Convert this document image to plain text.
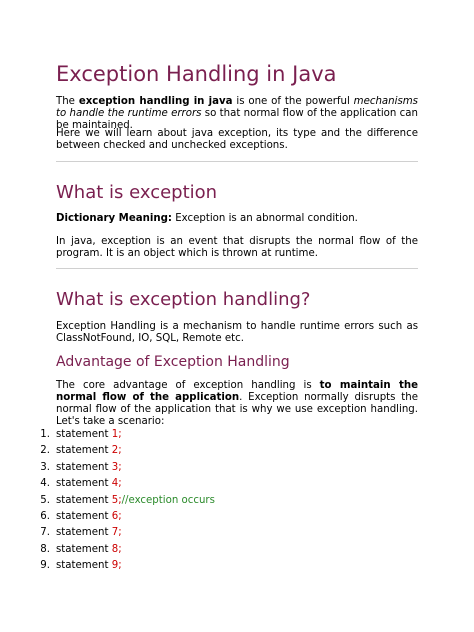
Exception Handling in Java
The exception handling in java is one of the powerful mechanisms to handle the runtime errors so that normal flow of the application can be maintained.
Here we will learn about java exception, its type and the difference between checked and unchecked exceptions.
What is exception
Dictionary Meaning: Exception is an abnormal condition.
In java, exception is an event that disrupts the normal flow of the program. It is an object which is thrown at runtime.
What is exception handling?
Exception Handling is a mechanism to handle runtime errors such as ClassNotFound, IO, SQL, Remote etc.
Advantage of Exception Handling
The core advantage of exception handling is to maintain the normal flow of the application. Exception normally disrupts the normal flow of the application that is why we use exception handling. Let's take a scenario:
1. statement 1;
2. statement 2;
3. statement 3;
4. statement 4;
5. statement 5;//exception occurs
6. statement 6;
7. statement 7;
8. statement 8;
9. statement 9;
